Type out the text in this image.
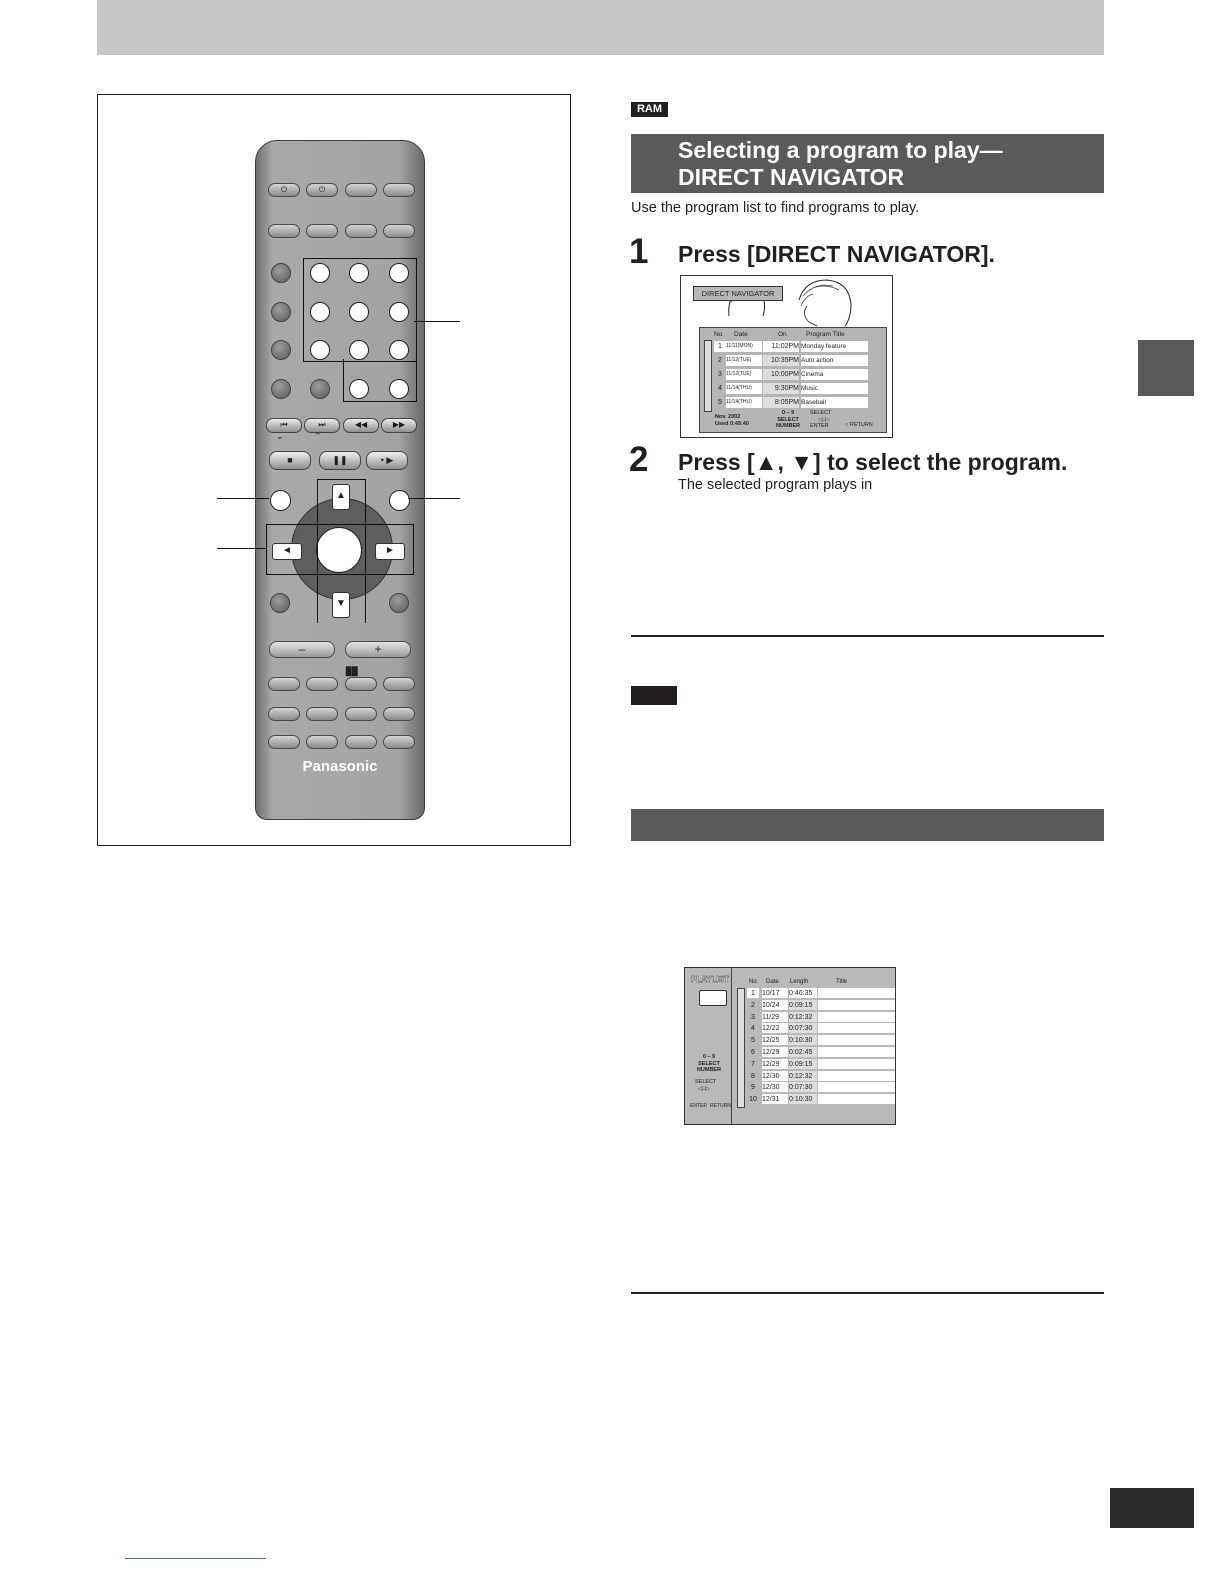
⏻	⏻
⏮	⏭	◀◀	▶▶
⌄	⌃
■	❚❚	• ▶
▲
▼
◄	►
–	+
▉▉
Panasonic
RAM
Selecting a program to play—
DIRECT NAVIGATOR
Use the program list to find programs to play.
1 Press [DIRECT NAVIGATOR].
DIRECT NAVIGATOR
No Date	On	Program Title
1 11/11(MON)	11:02PM Monday feature
2 11/12(TUE)	10:35PM Auto action
3 11/12(TUE)	10:00PM Cinema
4 11/14(THU)	9:30PM Music
5 11/14(THU)	8:05PM Baseball
Nov. 2002
Used 0:49:40
0 – 9
SELECT
NUMBER
SELECT
◁□▷
ENTER	○ RETURN
2 Press [▲, ▼] to select the program.
The selected program plays in
PLAYLIST
0 – 9
SELECT
NUMBER
SELECT
◁□▷
ENTER RETURN
No Date Length	Title
1	10/17	0:46:35
2	10/24	0:09:15
3	11/29	0:12:32
4	12/22	0:07:30
5	12/25	0:10:30
6	12/29	0:02:45
7	12/29	0:09:15
8	12/30	0:12:32
9	12/30	0:07:30
10 12/31	0:10:30
